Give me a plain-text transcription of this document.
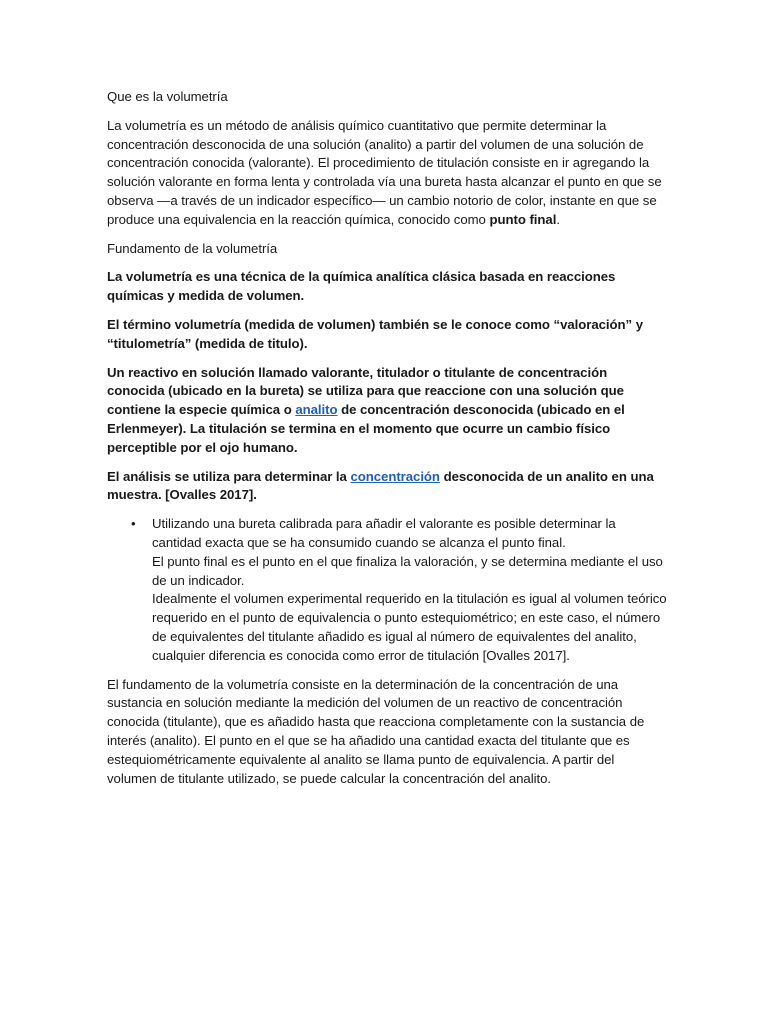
Que es la volumetría

La volumetría es un método de análisis químico cuantitativo que permite determinar la concentración desconocida de una solución (analito) a partir del volumen de una solución de concentración conocida (valorante). El procedimiento de titulación consiste en ir agregando la solución valorante en forma lenta y controlada vía una bureta hasta alcanzar el punto en que se observa —a través de un indicador específico— un cambio notorio de color, instante en que se produce una equivalencia en la reacción química, conocido como punto final.

Fundamento de la volumetría

La volumetría es una técnica de la química analítica clásica basada en reacciones químicas y medida de volumen.

El término volumetría (medida de volumen) también se le conoce como “valoración” y “titulometría” (medida de titulo).

Un reactivo en solución llamado valorante, titulador o titulante de concentración conocida (ubicado en la bureta) se utiliza para que reaccione con una solución que contiene la especie química o analito de concentración desconocida (ubicado en el Erlenmeyer). La titulación se termina en el momento que ocurre un cambio físico perceptible por el ojo humano.

El análisis se utiliza para determinar la concentración desconocida de un analito en una muestra. [Ovalles 2017].

• Utilizando una bureta calibrada para añadir el valorante es posible determinar la cantidad exacta que se ha consumido cuando se alcanza el punto final.
El punto final es el punto en el que finaliza la valoración, y se determina mediante el uso de un indicador.
Idealmente el volumen experimental requerido en la titulación es igual al volumen teórico requerido en el punto de equivalencia o punto estequiométrico; en este caso, el número de equivalentes del titulante añadido es igual al número de equivalentes del analito, cualquier diferencia es conocida como error de titulación [Ovalles 2017].

El fundamento de la volumetría consiste en la determinación de la concentración de una sustancia en solución mediante la medición del volumen de un reactivo de concentración conocida (titulante), que es añadido hasta que reacciona completamente con la sustancia de interés (analito). El punto en el que se ha añadido una cantidad exacta del titulante que es estequiométricamente equivalente al analito se llama punto de equivalencia. A partir del volumen de titulante utilizado, se puede calcular la concentración del analito.
